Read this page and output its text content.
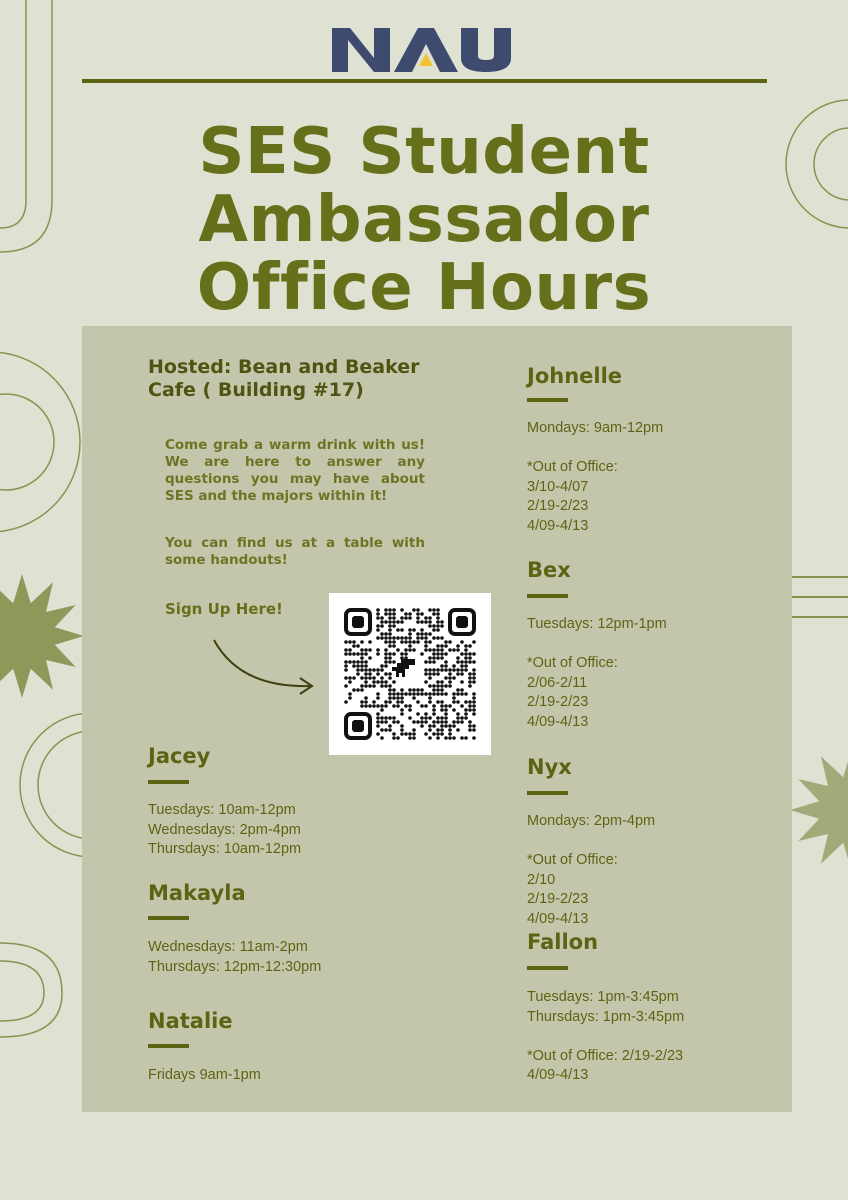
SES Student
Ambassador
Office Hours

Hosted: Bean and Beaker Cafe ( Building #17)

Come grab a warm drink with us! We are here to answer any questions you may have about SES and the majors within it!

You can find us at a table with some handouts!

Sign Up Here!
Jacey
Tuesdays: 10am-12pm
Wednesdays: 2pm-4pm
Thursdays: 10am-12pm
Makayla
Wednesdays: 11am-2pm
Thursdays: 12pm-12:30pm
Natalie
Fridays 9am-1pm
Johnelle
Mondays: 9am-12pm
*Out of Office:
3/10-4/07
2/19-2/23
4/09-4/13
Bex
Tuesdays: 12pm-1pm
*Out of Office:
2/06-2/11
2/19-2/23
4/09-4/13
Nyx
Mondays: 2pm-4pm
*Out of Office:
2/10
2/19-2/23
4/09-4/13
Fallon
Tuesdays: 1pm-3:45pm
Thursdays: 1pm-3:45pm
*Out of Office: 2/19-2/23
4/09-4/13
